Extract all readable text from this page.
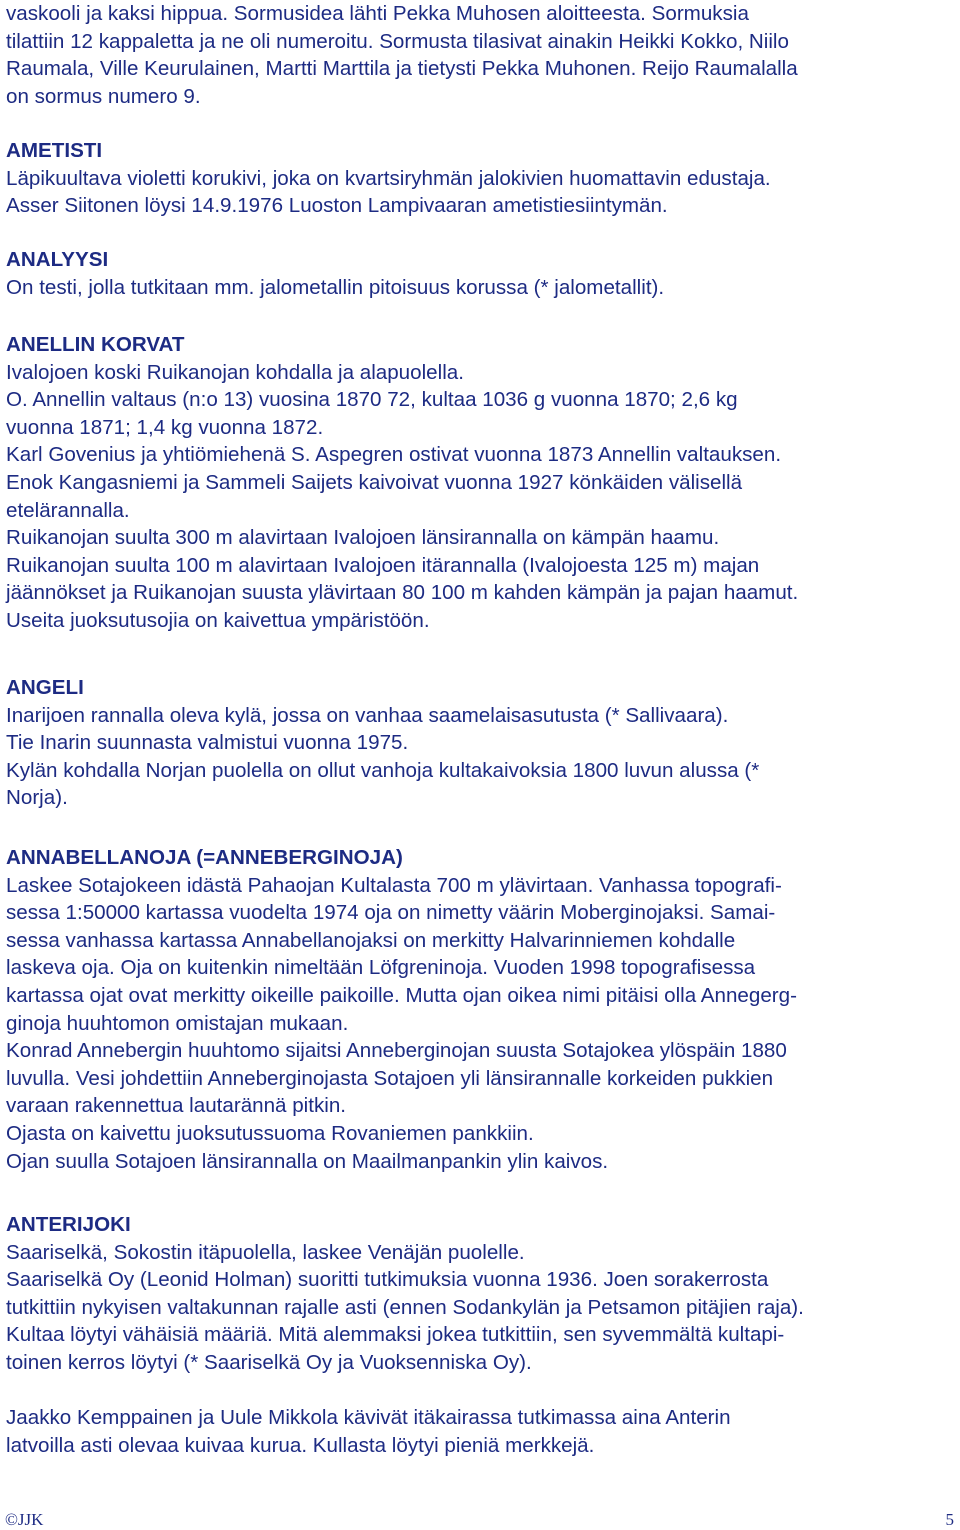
vaskooli ja kaksi hippua. Sormusidea lähti Pekka Muhosen aloitteesta. Sormuksia

tilattiin 12 kappaletta ja ne oli numeroitu. Sormusta tilasivat ainakin Heikki Kokko, Niilo

Raumala, Ville Keurulainen, Martti Marttila ja tietysti Pekka Muhonen. Reijo Raumalalla

on sormus numero 9.

AMETISTI

Läpikuultava violetti korukivi, joka on kvartsiryhmän jalokivien huomattavin edustaja.

Asser Siitonen löysi 14.9.1976 Luoston Lampivaaran ametistiesiintymän.

ANALYYSI

On testi, jolla tutkitaan mm. jalometallin pitoisuus korussa (* jalometallit).

ANELLIN KORVAT

Ivalojoen koski Ruikanojan kohdalla ja alapuolella.

O. Annellin valtaus (n:o 13) vuosina 1870 72, kultaa 1036 g vuonna 1870; 2,6 kg

vuonna 1871; 1,4 kg vuonna 1872.

Karl Govenius ja yhtiömiehenä S. Aspegren ostivat vuonna 1873 Annellin valtauksen.

Enok Kangasniemi ja Sammeli Saijets kaivoivat vuonna 1927 könkäiden välisellä

etelärannalla.

Ruikanojan suulta 300 m alavirtaan Ivalojoen länsirannalla on kämpän haamu.

Ruikanojan suulta 100 m alavirtaan Ivalojoen itärannalla (Ivalojoesta 125 m) majan

jäännökset ja Ruikanojan suusta ylävirtaan 80 100 m kahden kämpän ja pajan haamut.

Useita juoksutusojia on kaivettua ympäristöön.

ANGELI

Inarijoen rannalla oleva kylä, jossa on vanhaa saamelaisasutusta (* Sallivaara).

Tie Inarin suunnasta valmistui vuonna 1975.

Kylän kohdalla Norjan puolella on ollut vanhoja kultakaivoksia 1800 luvun alussa (*

Norja).

ANNABELLANOJA (=ANNEBERGINOJA)

Laskee Sotajokeen idästä Pahaojan Kultalasta 700 m ylävirtaan. Vanhassa topografi-

sessa 1:50000 kartassa vuodelta 1974 oja on nimetty väärin Moberginojaksi. Samai-

sessa vanhassa kartassa Annabellanojaksi on merkitty Halvarinniemen kohdalle

laskeva oja. Oja on kuitenkin nimeltään Löfgreninoja. Vuoden 1998 topografisessa

kartassa ojat ovat merkitty oikeille paikoille. Mutta ojan oikea nimi pitäisi olla Annegerg-

ginoja huuhtomon omistajan mukaan.

Konrad Annebergin huuhtomo sijaitsi Anneberginojan suusta Sotajokea ylöspäin 1880

luvulla. Vesi johdettiin Anneberginojasta Sotajoen yli länsirannalle korkeiden pukkien

varaan rakennettua lautarännä pitkin.

Ojasta on kaivettu juoksutussuoma Rovaniemen pankkiin.

Ojan suulla Sotajoen länsirannalla on Maailmanpankin ylin kaivos.

ANTERIJOKI

Saariselkä, Sokostin itäpuolella, laskee Venäjän puolelle.

Saariselkä Oy (Leonid Holman) suoritti tutkimuksia vuonna 1936. Joen sorakerrosta

tutkittiin nykyisen valtakunnan rajalle asti (ennen Sodankylän ja Petsamon pitäjien raja).

Kultaa löytyi vähäisiä määriä. Mitä alemmaksi jokea tutkittiin, sen syvemmältä kultapi-

toinen kerros löytyi (* Saariselkä Oy ja Vuoksenniska Oy).

Jaakko Kemppainen ja Uule Mikkola kävivät itäkairassa tutkimassa aina Anterin

latvoilla asti olevaa kuivaa kurua. Kullasta löytyi pieniä merkkejä.

©JJK	5
